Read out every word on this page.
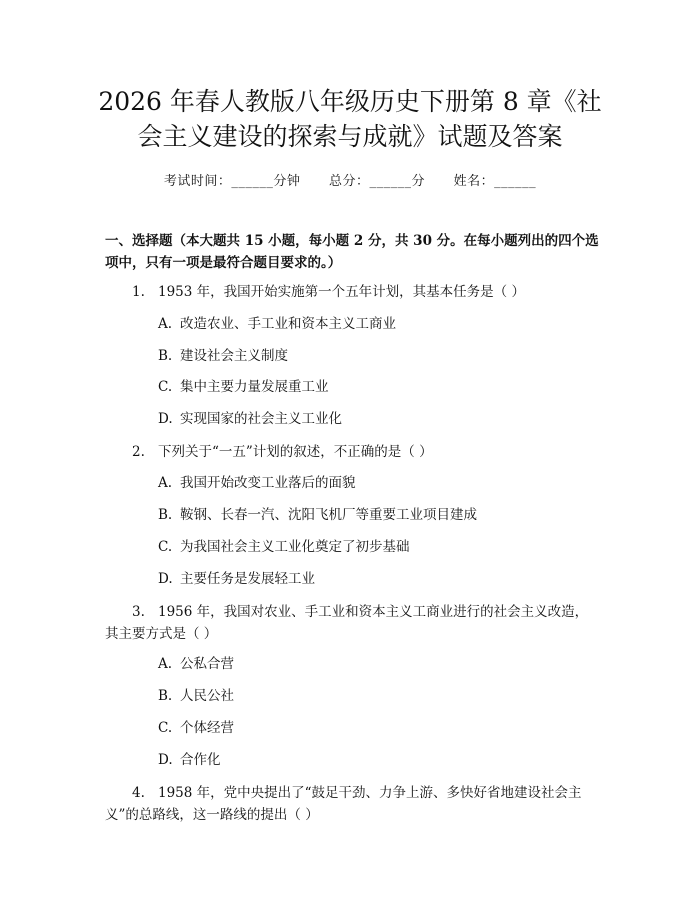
2026 年春人教版八年级历史下册第 8 章《社
会主义建设的探索与成就》试题及答案
考试时间：______分钟 总分：______分 姓名：______
一、选择题（本大题共 15 小题，每小题 2 分，共 30 分。在每小题列出的四个选
项中，只有一项是最符合题目要求的。）
1. 1953 年，我国开始实施第一个五年计划，其基本任务是（ ）
A. 改造农业、手工业和资本主义工商业
B. 建设社会主义制度
C. 集中主要力量发展重工业
D. 实现国家的社会主义工业化
2. 下列关于“一五”计划的叙述，不正确的是（ ）
A. 我国开始改变工业落后的面貌
B. 鞍钢、长春一汽、沈阳飞机厂等重要工业项目建成
C. 为我国社会主义工业化奠定了初步基础
D. 主要任务是发展轻工业
3. 1956 年，我国对农业、手工业和资本主义工商业进行的社会主义改造，
其主要方式是（ ）
A. 公私合营
B. 人民公社
C. 个体经营
D. 合作化
4. 1958 年，党中央提出了“鼓足干劲、力争上游、多快好省地建设社会主
义”的总路线，这一路线的提出（ ）
